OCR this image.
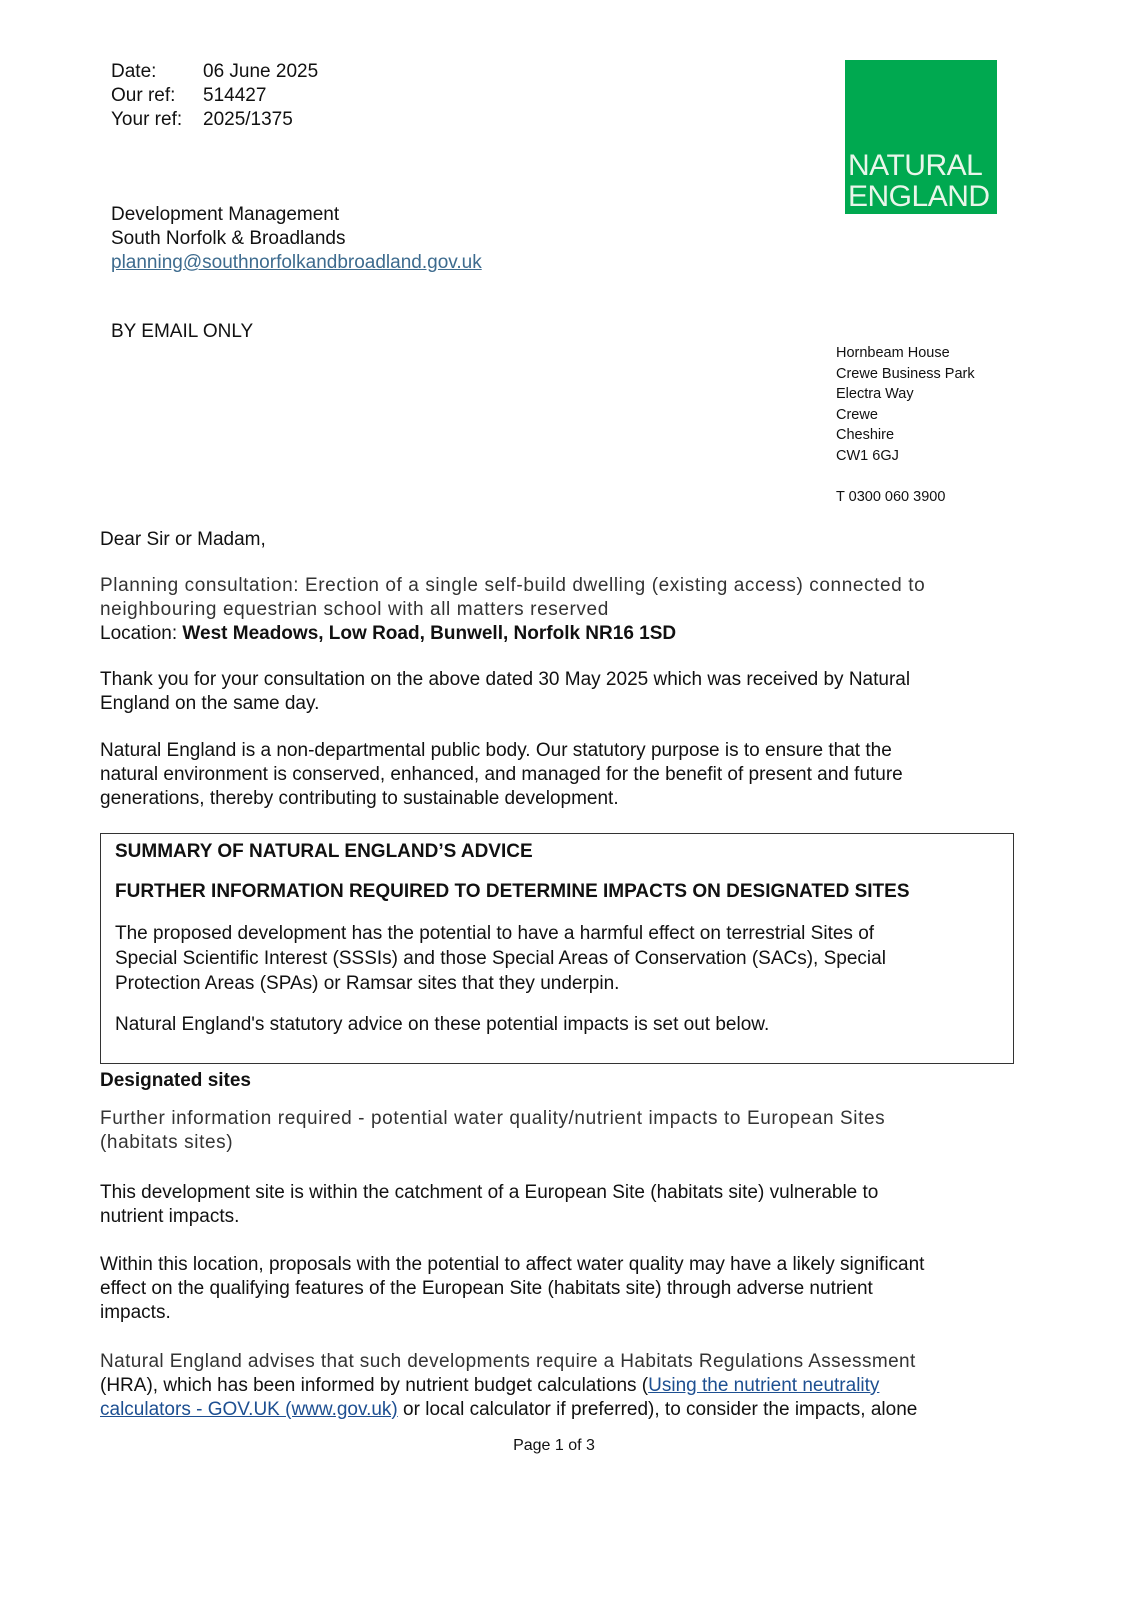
Date: 06 June 2025
Our ref: 514427
Your ref: 2025/1375
NATURAL
ENGLAND
Development Management
South Norfolk & Broadlands
planning@southnorfolkandbroadland.gov.uk
BY EMAIL ONLY
Hornbeam House
Crewe Business Park
Electra Way
Crewe
Cheshire
CW1 6GJ
T 0300 060 3900
Dear Sir or Madam,
Planning consultation: Erection of a single self-build dwelling (existing access) connected to
neighbouring equestrian school with all matters reserved
Location: West Meadows, Low Road, Bunwell, Norfolk NR16 1SD
Thank you for your consultation on the above dated 30 May 2025 which was received by Natural
England on the same day.
Natural England is a non-departmental public body. Our statutory purpose is to ensure that the
natural environment is conserved, enhanced, and managed for the benefit of present and future
generations, thereby contributing to sustainable development.
SUMMARY OF NATURAL ENGLAND’S ADVICE
FURTHER INFORMATION REQUIRED TO DETERMINE IMPACTS ON DESIGNATED SITES
The proposed development has the potential to have a harmful effect on terrestrial Sites of
Special Scientific Interest (SSSIs) and those Special Areas of Conservation (SACs), Special
Protection Areas (SPAs) or Ramsar sites that they underpin.
Natural England's statutory advice on these potential impacts is set out below.
Designated sites
Further information required - potential water quality/nutrient impacts to European Sites
(habitats sites)
This development site is within the catchment of a European Site (habitats site) vulnerable to
nutrient impacts.
Within this location, proposals with the potential to affect water quality may have a likely significant
effect on the qualifying features of the European Site (habitats site) through adverse nutrient
impacts.
Natural England advises that such developments require a Habitats Regulations Assessment
(HRA), which has been informed by nutrient budget calculations (Using the nutrient neutrality
calculators - GOV.UK (www.gov.uk) or local calculator if preferred), to consider the impacts, alone
Page 1 of 3
